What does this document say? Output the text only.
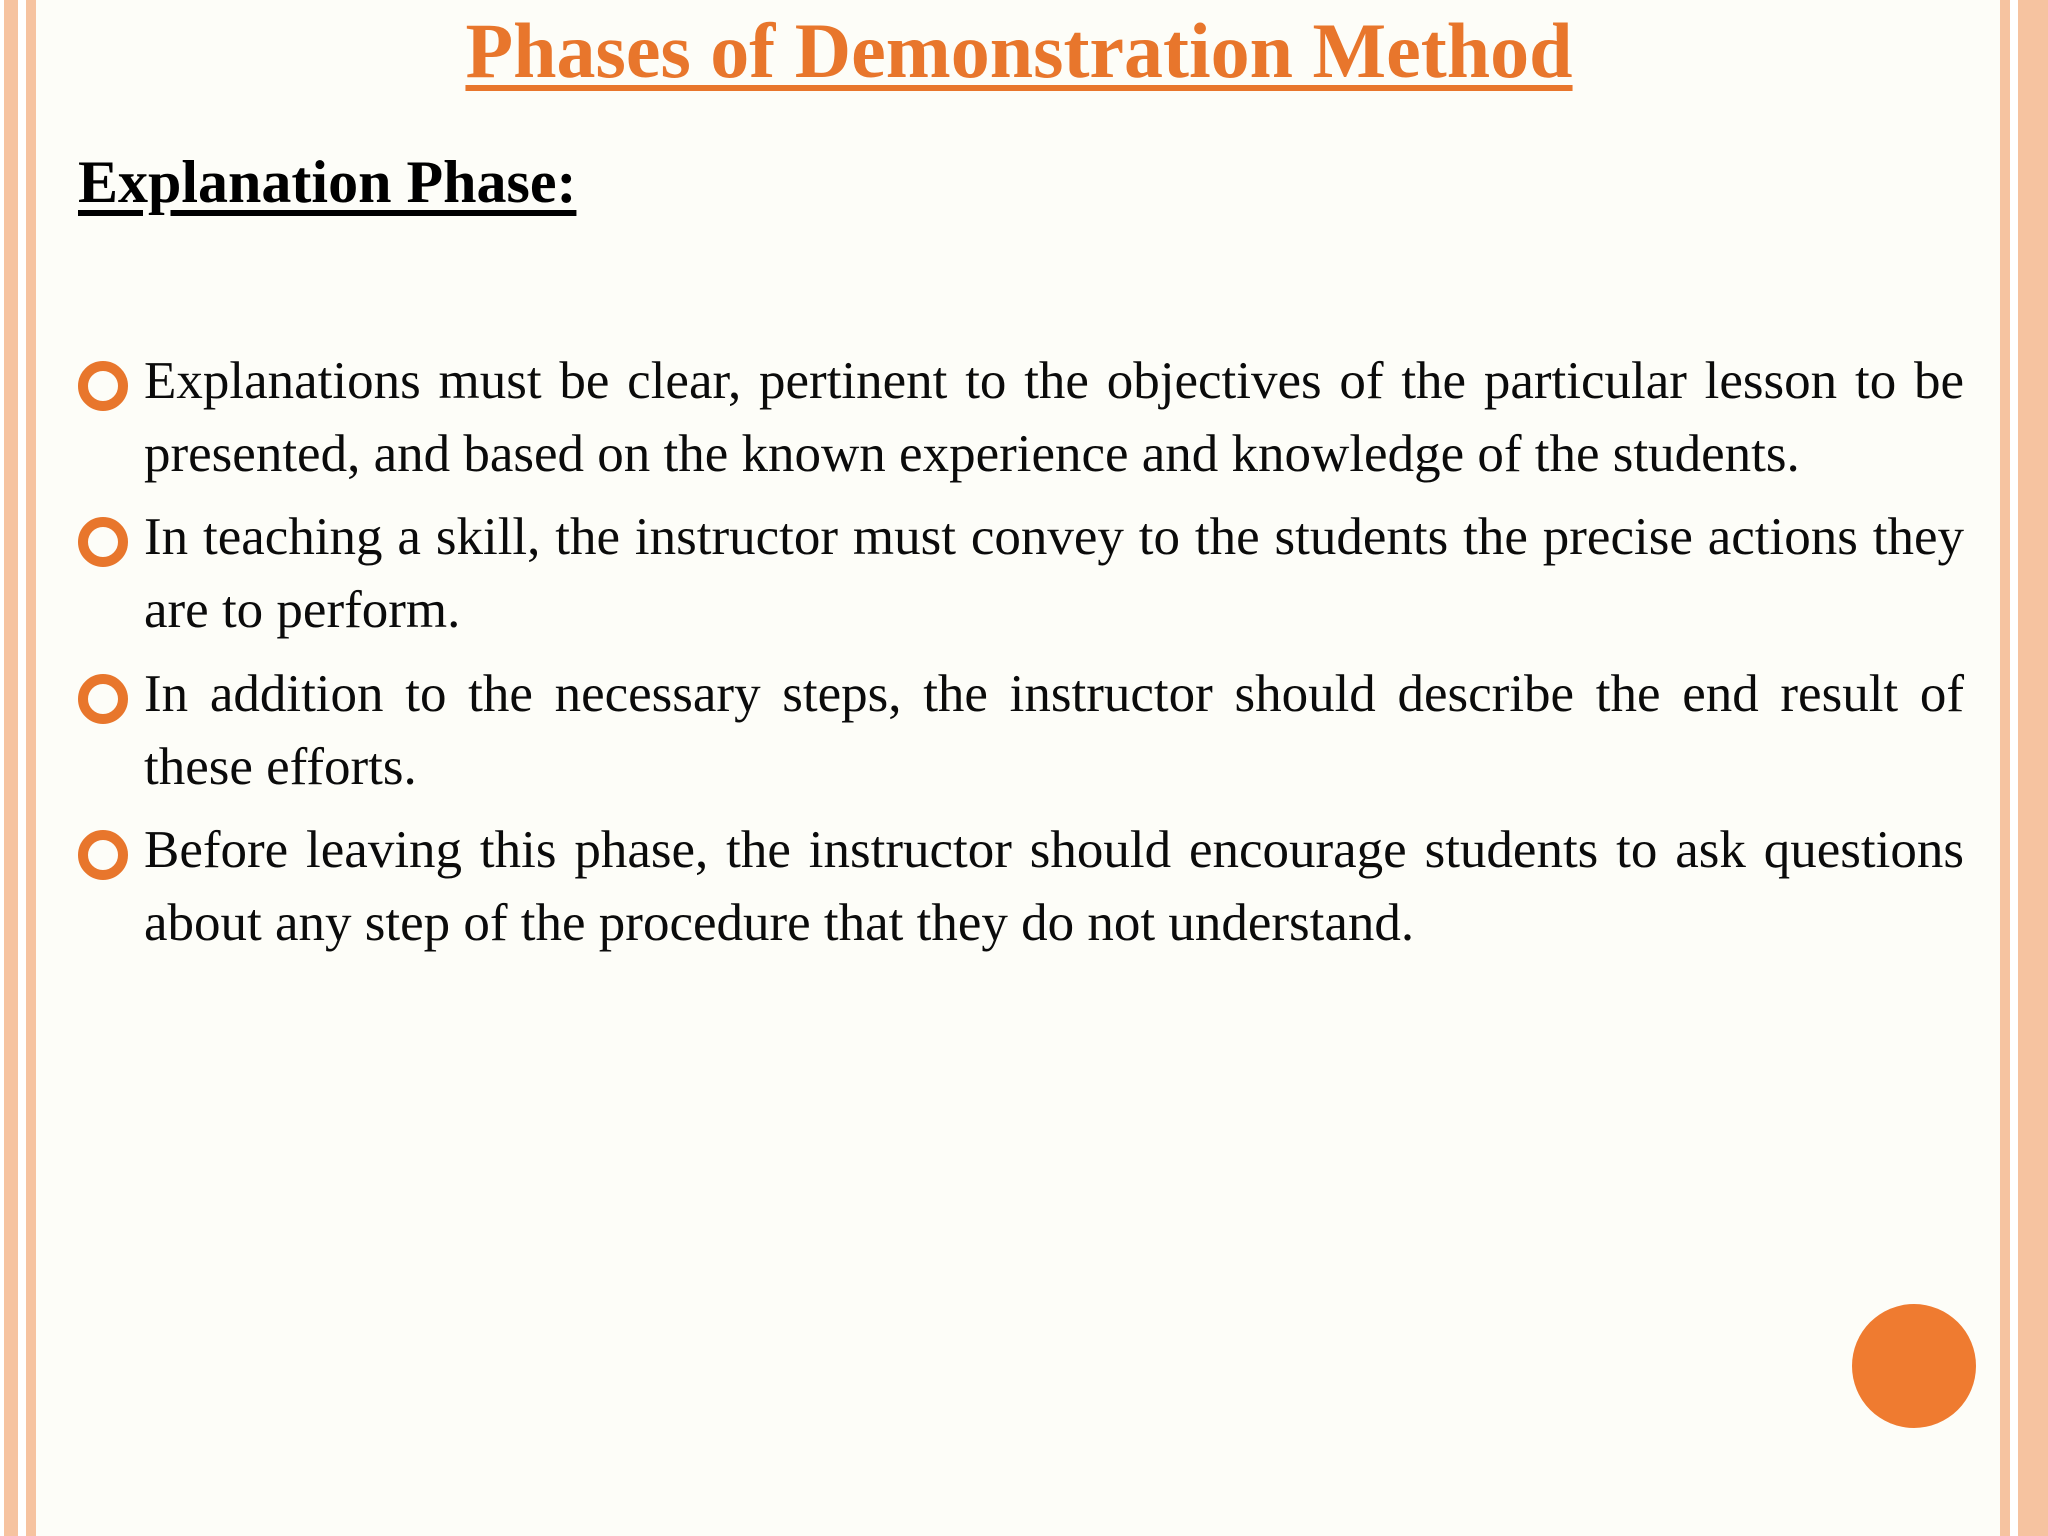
Phases of Demonstration Method
Explanation Phase:
Explanations must be clear, pertinent to the objectives of the particular lesson to be presented, and based on the known experience and knowledge of the students.
In teaching a skill, the instructor must convey to the students the precise actions they are to perform.
In addition to the necessary steps, the instructor should describe the end result of these efforts.
Before leaving this phase, the instructor should encourage students to ask questions about any step of the procedure that they do not understand.
